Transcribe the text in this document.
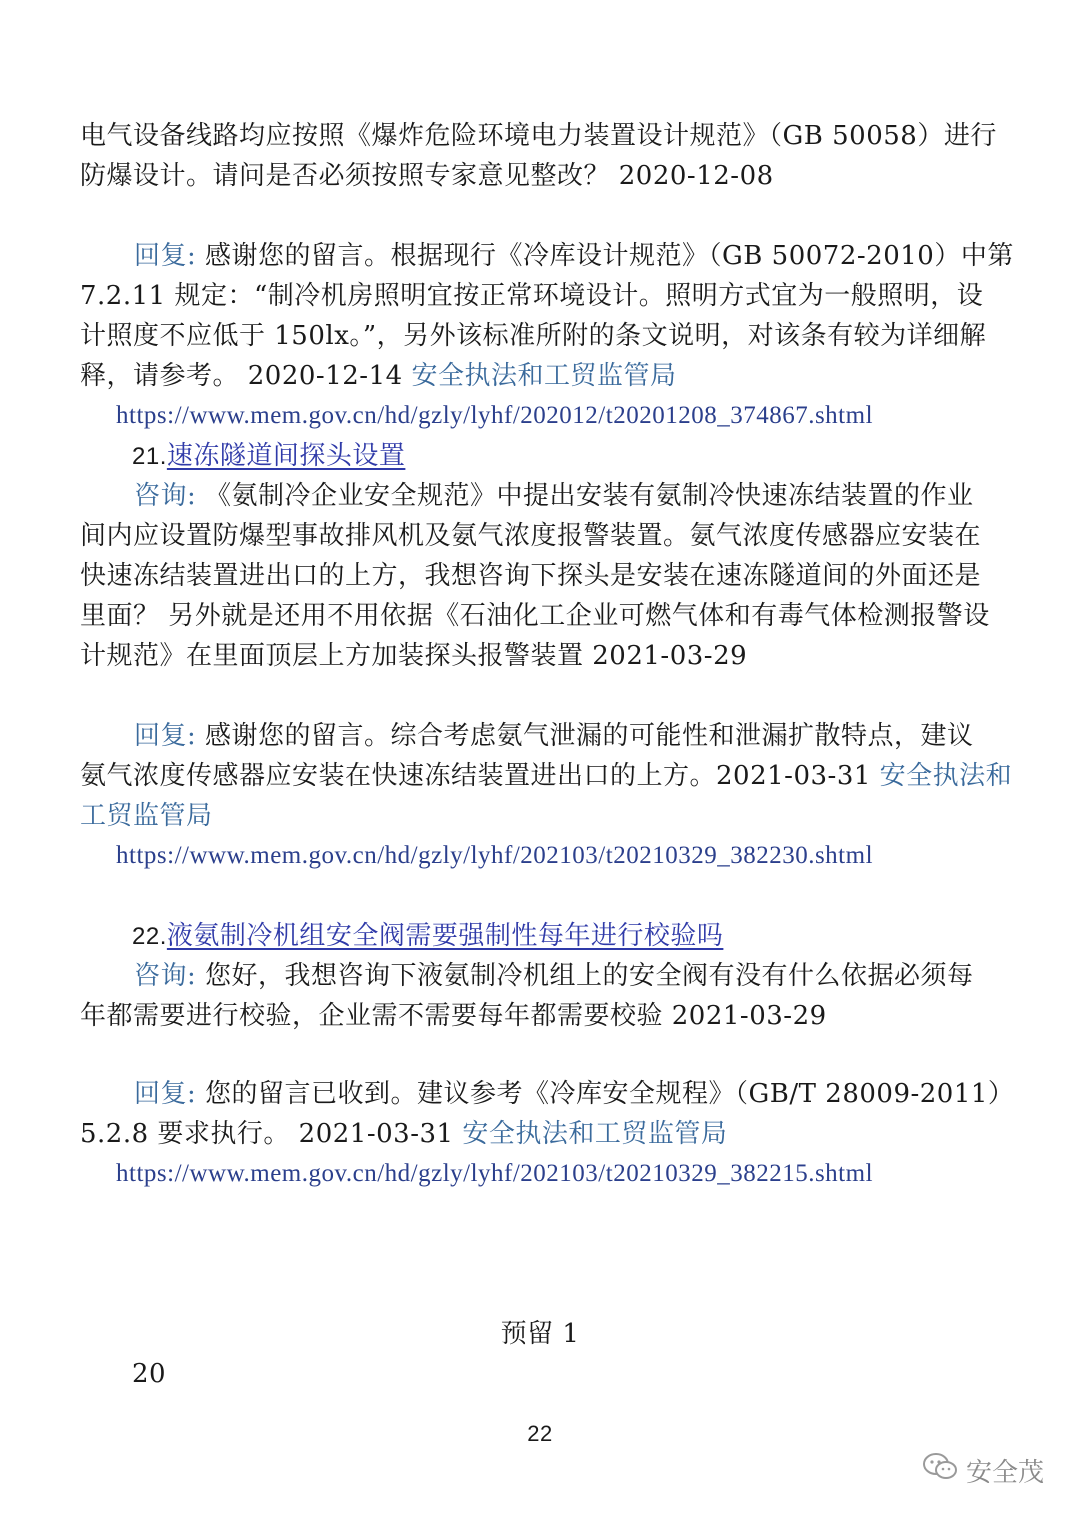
电气设备线路均应按照《爆炸危险环境电力装置设计规范》（GB 50058）进行
防爆设计。请问是否必须按照专家意见整改？ 2020-12-08
回复: 感谢您的留言。根据现行《冷库设计规范》（GB 50072-2010）中第
7.2.11 规定：“制冷机房照明宜按正常环境设计。照明方式宜为一般照明，设
计照度不应低于 150lx。”，另外该标准所附的条文说明，对该条有较为详细解
释，请参考。 2020-12-14 安全执法和工贸监管局
https://www.mem.gov.cn/hd/gzly/lyhf/202012/t20201208_374867.shtml
21.速冻隧道间探头设置
咨询: 《氨制冷企业安全规范》中提出安装有氨制冷快速冻结装置的作业
间内应设置防爆型事故排风机及氨气浓度报警装置。氨气浓度传感器应安装在
快速冻结装置进出口的上方，我想咨询下探头是安装在速冻隧道间的外面还是
里面？ 另外就是还用不用依据《石油化工企业可燃气体和有毒气体检测报警设
计规范》在里面顶层上方加装探头报警装置 2021-03-29
回复: 感谢您的留言。综合考虑氨气泄漏的可能性和泄漏扩散特点，建议
氨气浓度传感器应安装在快速冻结装置进出口的上方。2021-03-31 安全执法和
工贸监管局
https://www.mem.gov.cn/hd/gzly/lyhf/202103/t20210329_382230.shtml
22.液氨制冷机组安全阀需要强制性每年进行校验吗
咨询: 您好，我想咨询下液氨制冷机组上的安全阀有没有什么依据必须每
年都需要进行校验，企业需不需要每年都需要校验 2021-03-29
回复: 您的留言已收到。建议参考《冷库安全规程》（GB/T 28009-2011）
5.2.8 要求执行。 2021-03-31 安全执法和工贸监管局
https://www.mem.gov.cn/hd/gzly/lyhf/202103/t20210329_382215.shtml
预留 1
20
22
安全茂
